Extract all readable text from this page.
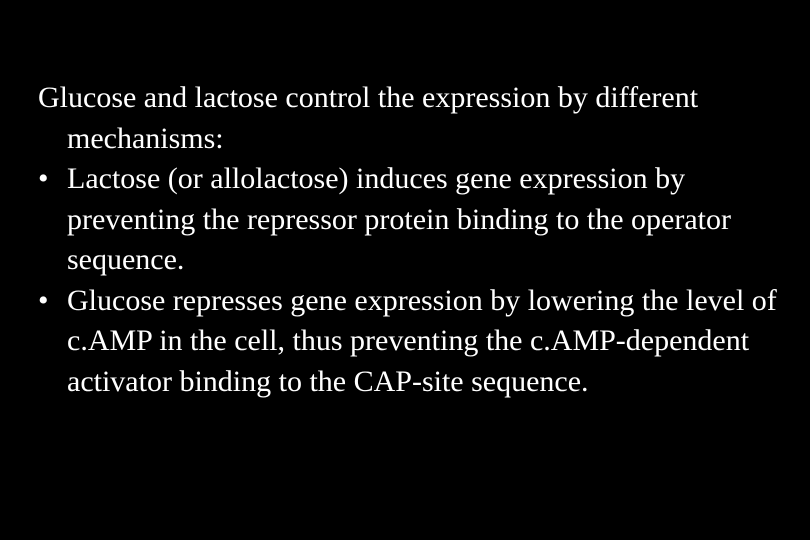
Glucose and lactose control the expression by different mechanisms:

• Lactose (or allolactose) induces gene expression by preventing the repressor protein binding to the operator sequence.
• Glucose represses gene expression by lowering the level of c.AMP in the cell, thus preventing the c.AMP-dependent activator binding to the CAP-site sequence.
